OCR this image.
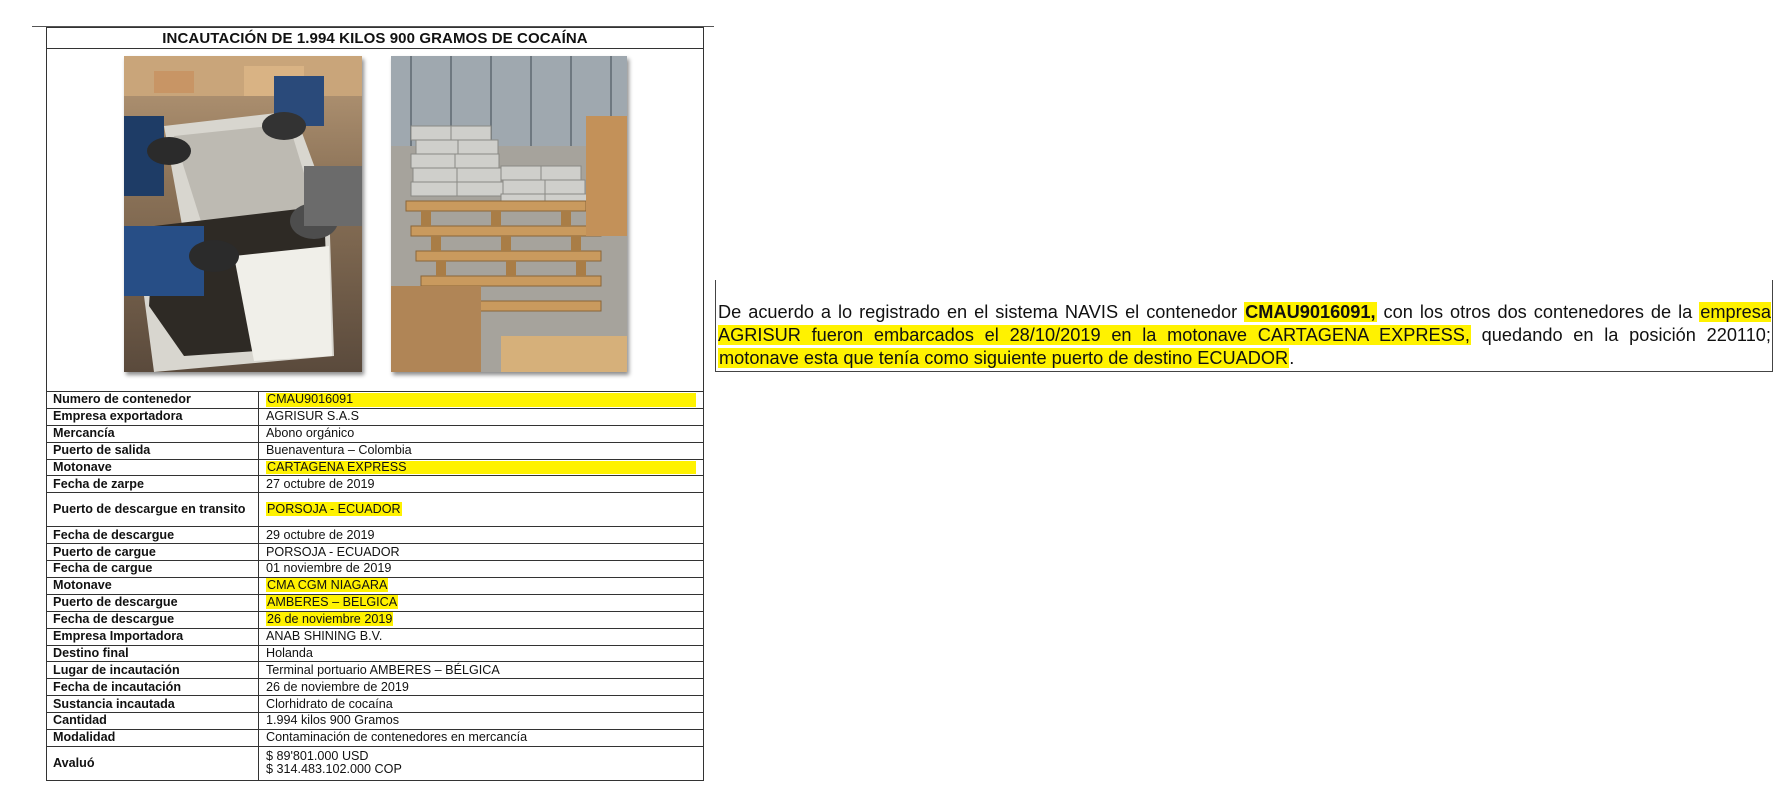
INCAUTACIÓN DE 1.994 KILOS 900 GRAMOS DE COCAÍNA
Numero de contenedor	CMAU9016091
Empresa exportadora	AGRISUR S.A.S
Mercancía	Abono orgánico
Puerto de salida	Buenaventura – Colombia
Motonave	CARTAGENA EXPRESS
Fecha de zarpe	27 octubre de 2019
Puerto de descargue en transito	PORSOJA - ECUADOR
Fecha de descargue	29 octubre de 2019
Puerto de cargue	PORSOJA - ECUADOR
Fecha de cargue	01 noviembre de 2019
Motonave	CMA CGM NIAGARA
Puerto de descargue	AMBERES – BELGICA
Fecha de descargue	26 de noviembre 2019
Empresa Importadora	ANAB SHINING B.V.
Destino final	Holanda
Lugar de incautación	Terminal portuario AMBERES – BÉLGICA
Fecha de incautación	26 de noviembre de 2019
Sustancia incautada	Clorhidrato de cocaína
Cantidad	1.994 kilos 900 Gramos
Modalidad	Contaminación de contenedores en mercancía
Avaluó	$ 89'801.000 USD
$ 314.483.102.000 COP
De acuerdo a lo registrado en el sistema NAVIS el contenedor CMAU9016091, con los otros dos contenedores de la empresa AGRISUR fueron embarcados el 28/10/2019 en la motonave CARTAGENA EXPRESS, quedando en la posición 220110; motonave esta que tenía como siguiente puerto de destino ECUADOR.
